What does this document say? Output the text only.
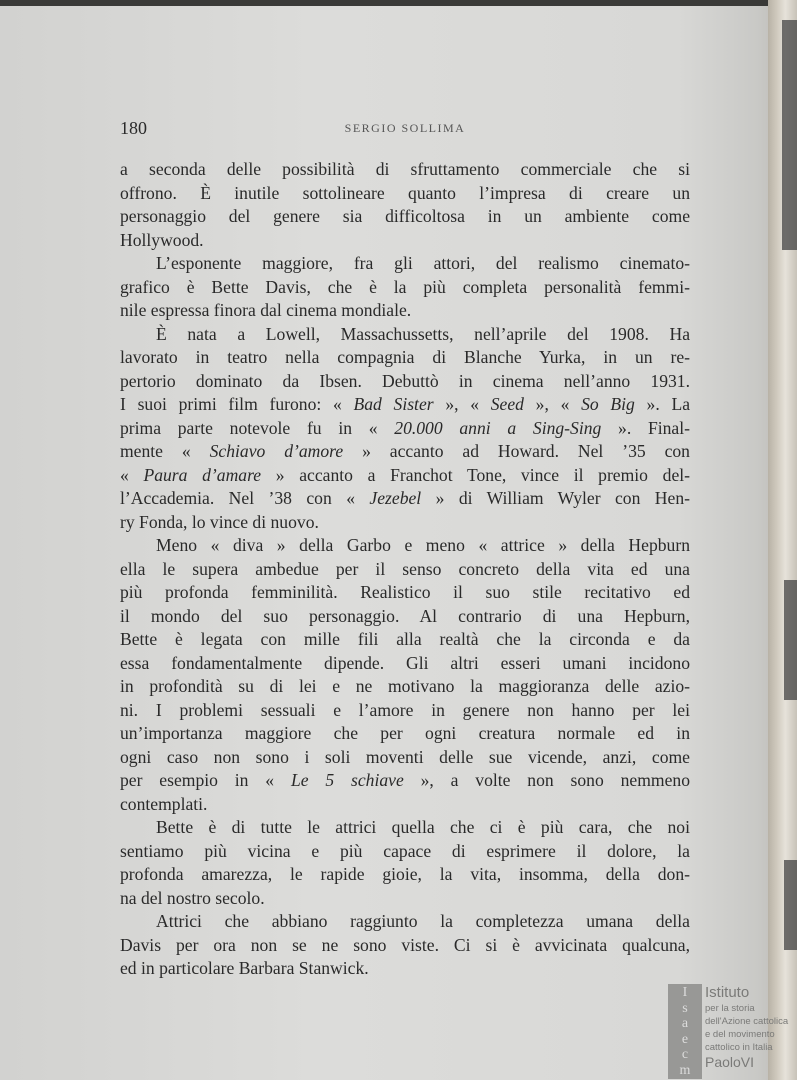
180	SERGIO SOLLIMA
a seconda delle possibilità di sfruttamento commerciale che si
offrono. È inutile sottolineare quanto l’impresa di creare un
personaggio del genere sia difficoltosa in un ambiente come
Hollywood.
L’esponente maggiore, fra gli attori, del realismo cinemato-
grafico è Bette Davis, che è la più completa personalità femmi-
nile espressa finora dal cinema mondiale.
È nata a Lowell, Massachussetts, nell’aprile del 1908. Ha
lavorato in teatro nella compagnia di Blanche Yurka, in un re-
pertorio dominato da Ibsen. Debuttò in cinema nell’anno 1931.
I suoi primi film furono: « Bad Sister », « Seed », « So Big ». La
prima parte notevole fu in « 20.000 anni a Sing-Sing ». Final-
mente « Schiavo d’amore » accanto ad Howard. Nel ’35 con
« Paura d’amare » accanto a Franchot Tone, vince il premio del-
l’Accademia. Nel ’38 con « Jezebel » di William Wyler con Hen-
ry Fonda, lo vince di nuovo.
Meno « diva » della Garbo e meno « attrice » della Hepburn
ella le supera ambedue per il senso concreto della vita ed una
più profonda femminilità. Realistico il suo stile recitativo ed
il mondo del suo personaggio. Al contrario di una Hepburn,
Bette è legata con mille fili alla realtà che la circonda e da
essa fondamentalmente dipende. Gli altri esseri umani incidono
in profondità su di lei e ne motivano la maggioranza delle azio-
ni. I problemi sessuali e l’amore in genere non hanno per lei
un’importanza maggiore che per ogni creatura normale ed in
ogni caso non sono i soli moventi delle sue vicende, anzi, come
per esempio in « Le 5 schiave », a volte non sono nemmeno
contemplati.
Bette è di tutte le attrici quella che ci è più cara, che noi
sentiamo più vicina e più capace di esprimere il dolore, la
profonda amarezza, le rapide gioie, la vita, insomma, della don-
na del nostro secolo.
Attrici che abbiano raggiunto la completezza umana della
Davis per ora non se ne sono viste. Ci si è avvicinata qualcuna,
ed in particolare Barbara Stanwick.
I
s
a
e
c
m
Istituto
per la storia
dell'Azione cattolica
e del movimento
cattolico in Italia
PaoloVI
